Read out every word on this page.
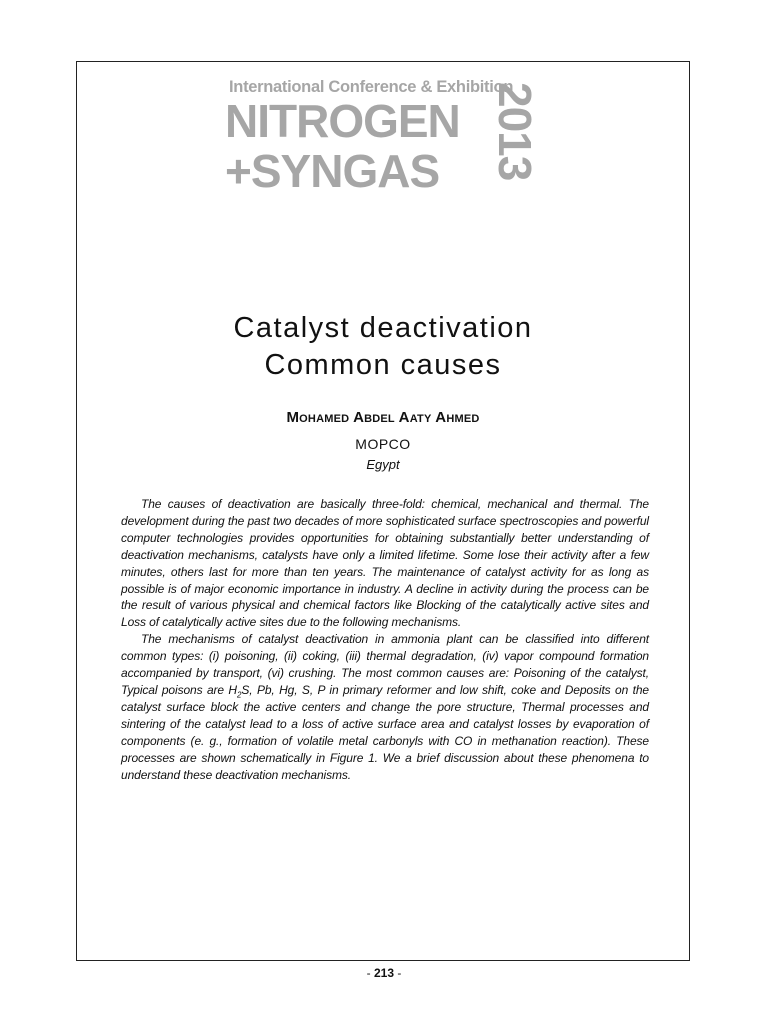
International Conference & Exhibition
NITROGEN
+SYNGAS 2013
Catalyst deactivation
Common causes
Mohamed Abdel Aaty Ahmed
MOPCO
Egypt

The causes of deactivation are basically three-fold: chemical, mechanical and thermal. The development during the past two decades of more sophisticated surface spectroscopies and powerful computer technologies provides opportunities for obtaining substantially better understanding of deactivation mechanisms, catalysts have only a limited lifetime. Some lose their activity after a few minutes, others last for more than ten years. The maintenance of catalyst activity for as long as possible is of major economic importance in industry. A decline in activity during the process can be the result of various physical and chemical factors like Blocking of the catalytically active sites and Loss of catalytically active sites due to the following mechanisms.

The mechanisms of catalyst deactivation in ammonia plant can be classified into different common types: (i) poisoning, (ii) coking, (iii) thermal degradation, (iv) vapor compound formation accompanied by transport, (vi) crushing. The most common causes are: Poisoning of the catalyst, Typical poisons are $H_2S$, Pb, Hg, S, P in primary reformer and low shift, coke and Deposits on the catalyst surface block the active centers and change the pore structure, Thermal processes and sintering of the catalyst lead to a loss of active surface area and catalyst losses by evaporation of components (e. g., formation of volatile metal carbonyls with CO in methanation reaction). These processes are shown schematically in Figure 1. We a brief discussion about these phenomena to understand these deactivation mechanisms.

- 213 -
